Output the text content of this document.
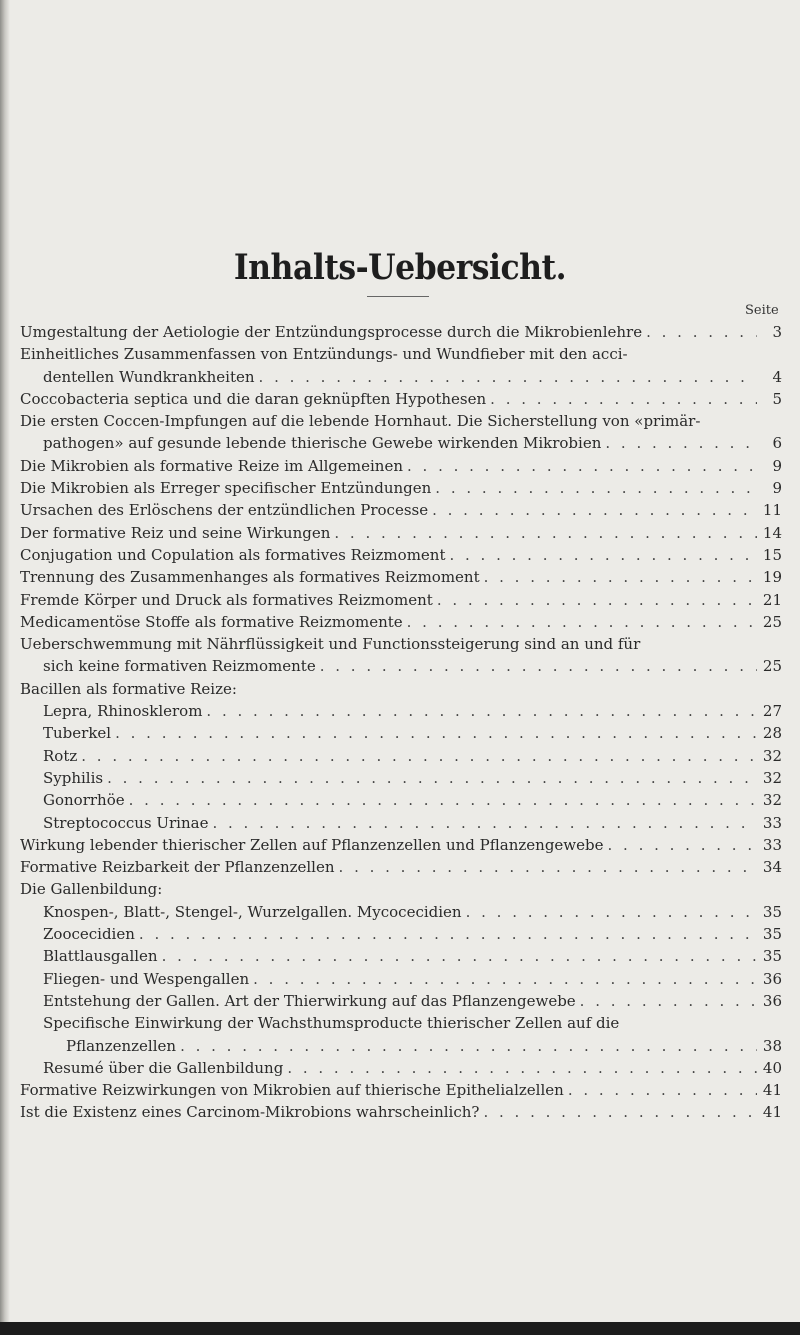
Inhalts-Uebersicht.
Seite
Umgestaltung der Aetiologie der Entzündungsprocesse durch die Mikrobienlehre . . .	3
Einheitliches Zusammenfassen von Entzündungs- und Wundfieber mit den acci-
dentellen Wundkrankheiten . . .	4
Coccobacteria septica und die daran geknüpften Hypothesen . . .	5
Die ersten Coccen-Impfungen auf die lebende Hornhaut. Die Sicherstellung von «primär-
pathogen» auf gesunde lebende thierische Gewebe wirkenden Mikrobien . . .	6
Die Mikrobien als formative Reize im Allgemeinen . . .	9
Die Mikrobien als Erreger specifischer Entzündungen . . .	9
Ursachen des Erlöschens der entzündlichen Processe . . .	11
Der formative Reiz und seine Wirkungen . . .	14
Conjugation und Copulation als formatives Reizmoment . . .	15
Trennung des Zusammenhanges als formatives Reizmoment . . .	19
Fremde Körper und Druck als formatives Reizmoment . . .	21
Medicamentöse Stoffe als formative Reizmomente . . .	25
Ueberschwemmung mit Nährflüssigkeit und Functionssteigerung sind an und für
sich keine formativen Reizmomente . . .	25
Bacillen als formative Reize:
Lepra, Rhinosklerom . . .	27
Tuberkel . . .	28
Rotz . . .	32
Syphilis . . .	32
Gonorrhöe . . .	32
Streptococcus Urinae . . .	33
Wirkung lebender thierischer Zellen auf Pflanzenzellen und Pflanzengewebe . . .	33
Formative Reizbarkeit der Pflanzenzellen . . .	34
Die Gallenbildung:
Knospen-, Blatt-, Stengel-, Wurzelgallen. Mycocecidien . . .	35
Zoocecidien . . .	35
Blattlausgallen . . .	35
Fliegen- und Wespengallen . . .	36
Entstehung der Gallen. Art der Thierwirkung auf das Pflanzengewebe . . .	36
Specifische Einwirkung der Wachsthumsproducte thierischer Zellen auf die
Pflanzenzellen . . .	38
Resumé über die Gallenbildung . . .	40
Formative Reizwirkungen von Mikrobien auf thierische Epithelialzellen . . .	41
Ist die Existenz eines Carcinom-Mikrobions wahrscheinlich? . . .	41
